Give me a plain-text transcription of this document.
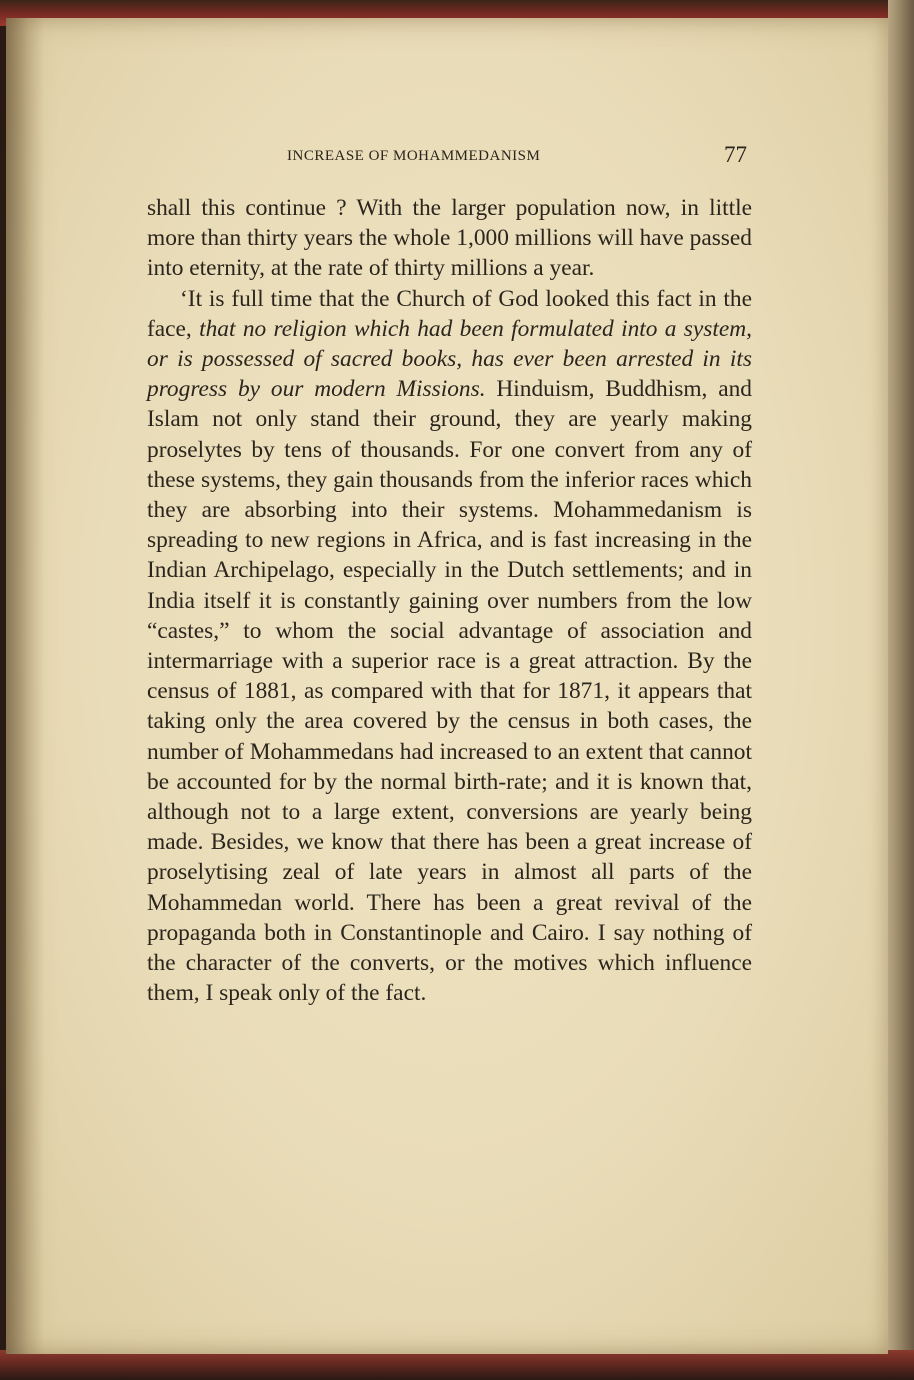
INCREASE OF MOHAMMEDANISM	77

shall this continue ? With the larger population now, in little more than thirty years the whole 1,000 millions will have passed into eternity, at the rate of thirty millions a year.

‘It is full time that the Church of God looked this fact in the face, that no religion which had been formulated into a system, or is possessed of sacred books, has ever been arrested in its progress by our modern Missions. Hinduism, Buddhism, and Islam not only stand their ground, they are yearly making proselytes by tens of thousands. For one convert from any of these systems, they gain thousands from the inferior races which they are absorbing into their systems. Mohammedanism is spreading to new regions in Africa, and is fast increasing in the Indian Archipelago, especially in the Dutch settlements; and in India itself it is constantly gaining over numbers from the low “castes,” to whom the social advantage of association and intermarriage with a superior race is a great attraction. By the census of 1881, as compared with that for 1871, it appears that taking only the area covered by the census in both cases, the number of Mohammedans had increased to an extent that cannot be accounted for by the normal birth-rate; and it is known that, although not to a large extent, conversions are yearly being made. Besides, we know that there has been a great increase of proselytising zeal of late years in almost all parts of the Mohammedan world. There has been a great revival of the propaganda both in Constantinople and Cairo. I say nothing of the character of the converts, or the motives which influence them, I speak only of the fact.
